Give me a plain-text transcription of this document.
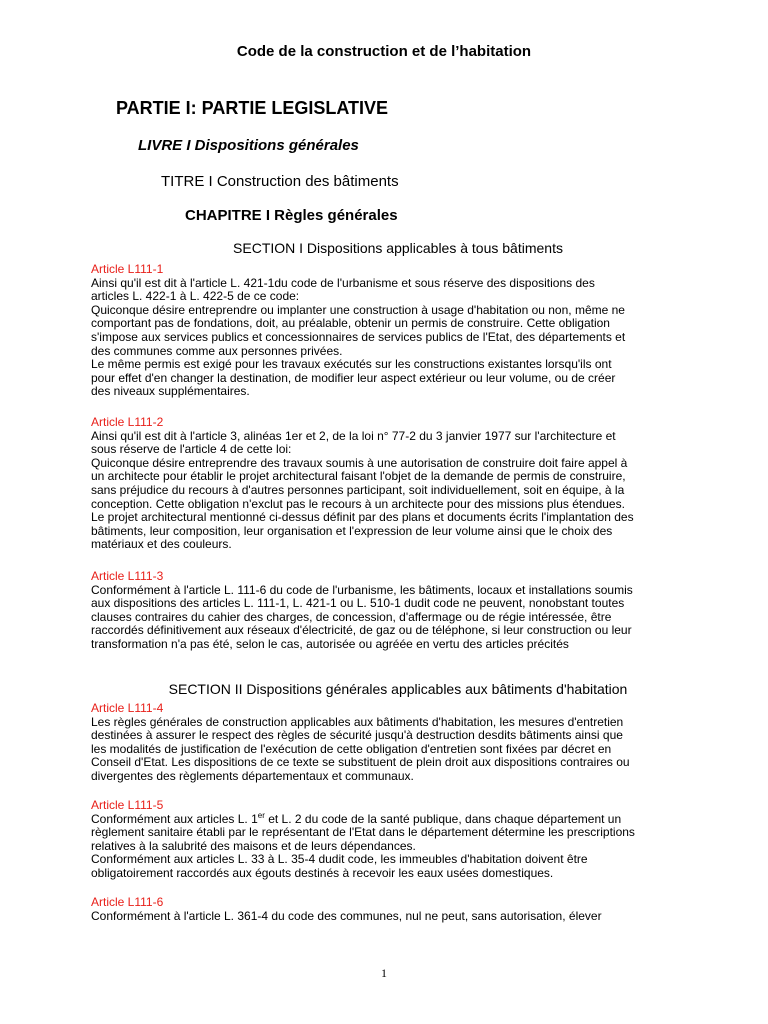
Code de la construction et de l’habitation
PARTIE I: PARTIE LEGISLATIVE
LIVRE I Dispositions générales
TITRE I Construction des bâtiments
CHAPITRE I Règles générales
SECTION I Dispositions applicables à tous bâtiments
Article L111-1
Ainsi qu'il est dit à l'article L. 421-1du code de l'urbanisme et sous réserve des dispositions des
articles L. 422-1 à L. 422-5 de ce code:
Quiconque désire entreprendre ou implanter une construction à usage d'habitation ou non, même ne
comportant pas de fondations, doit, au préalable, obtenir un permis de construire. Cette obligation
s'impose aux services publics et concessionnaires de services publics de l'Etat, des départements et
des communes comme aux personnes privées.
Le même permis est exigé pour les travaux exécutés sur les constructions existantes lorsqu'ils ont
pour effet d'en changer la destination, de modifier leur aspect extérieur ou leur volume, ou de créer
des niveaux supplémentaires.
Article L111-2
Ainsi qu'il est dit à l'article 3, alinéas 1er et 2, de la loi n° 77-2 du 3 janvier 1977 sur l'architecture et
sous réserve de l'article 4 de cette loi:
Quiconque désire entreprendre des travaux soumis à une autorisation de construire doit faire appel à
un architecte pour établir le projet architectural faisant l'objet de la demande de permis de construire,
sans préjudice du recours à d'autres personnes participant, soit individuellement, soit en équipe, à la
conception. Cette obligation n'exclut pas le recours à un architecte pour des missions plus étendues.
Le projet architectural mentionné ci-dessus définit par des plans et documents écrits l'implantation des
bâtiments, leur composition, leur organisation et l'expression de leur volume ainsi que le choix des
matériaux et des couleurs.
Article L111-3
Conformément à l'article L. 111-6 du code de l'urbanisme, les bâtiments, locaux et installations soumis
aux dispositions des articles L. 111-1, L. 421-1 ou L. 510-1 dudit code ne peuvent, nonobstant toutes
clauses contraires du cahier des charges, de concession, d'affermage ou de régie intéressée, être
raccordés définitivement aux réseaux d'électricité, de gaz ou de téléphone, si leur construction ou leur
transformation n'a pas été, selon le cas, autorisée ou agréée en vertu des articles précités
SECTION II Dispositions générales applicables aux bâtiments d'habitation
Article L111-4
Les règles générales de construction applicables aux bâtiments d'habitation, les mesures d'entretien
destinées à assurer le respect des règles de sécurité jusqu'à destruction desdits bâtiments ainsi que
les modalités de justification de l'exécution de cette obligation d'entretien sont fixées par décret en
Conseil d'Etat. Les dispositions de ce texte se substituent de plein droit aux dispositions contraires ou
divergentes des règlements départementaux et communaux.
Article L111-5
Conformément aux articles L. 1er et L. 2 du code de la santé publique, dans chaque département un
règlement sanitaire établi par le représentant de l'Etat dans le département détermine les prescriptions
relatives à la salubrité des maisons et de leurs dépendances.
Conformément aux articles L. 33 à L. 35-4 dudit code, les immeubles d'habitation doivent être
obligatoirement raccordés aux égouts destinés à recevoir les eaux usées domestiques.
Article L111-6
Conformément à l'article L. 361-4 du code des communes, nul ne peut, sans autorisation, élever
1
